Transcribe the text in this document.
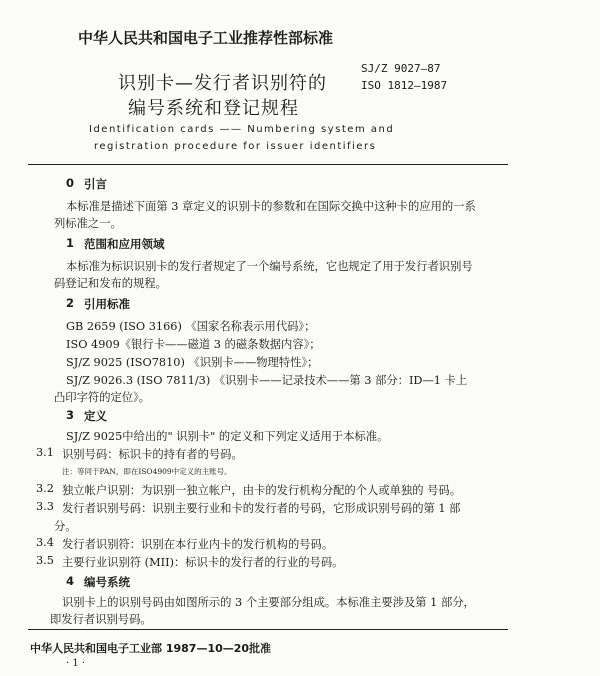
中华人民共和国电子工业推荐性部标准
SJ/Z 9027—87
ISO 1812—1987
识别卡—发行者识别符的
编号系统和登记规程
Identification cards —— Numbering system and
registration procedure for issuer identifiers
0 引言
本标准是描述下面第 3 章定义的识别卡的参数和在国际交换中这种卡的应用的一系
列标准之一。
1 范围和应用领域
本标准为标识识别卡的发行者规定了一个编号系统，它也规定了用于发行者识别号
码登记和发布的规程。
2 引用标准
GB 2659 (ISO 3166) 《国家名称表示用代码》；
ISO 4909《银行卡——磁道 3 的磁条数据内容》；
SJ/Z 9025 (ISO7810) 《识别卡——物理特性》；
SJ/Z 9026.3 (ISO 7811/3) 《识别卡——记录技术——第 3 部分：ID—1 卡上
凸印字符的定位》。
3 定义
SJ/Z 9025中给出的" 识别卡" 的定义和下列定义适用于本标准。
3.1 识别号码：标识卡的持有者的号码。
注：等同于PAN，即在ISO4909中定义的主账号。
3.2 独立帐户识别：为识别一独立帐户，由卡的发行机构分配的个人或单独的 号码。
3.3 发行者识别号码：识别主要行业和卡的发行者的号码，它形成识别号码的第 1 部
分。
3.4 发行者识别符：识别在本行业内卡的发行机构的号码。
3.5 主要行业识别符 (MII)：标识卡的发行者的行业的号码。
4 编号系统
识别卡上的识别号码由如图所示的 3 个主要部分组成。本标准主要涉及第 1 部分，
即发行者识别号码。
中华人民共和国电子工业部 1987—10—20批准
· 1 ·
